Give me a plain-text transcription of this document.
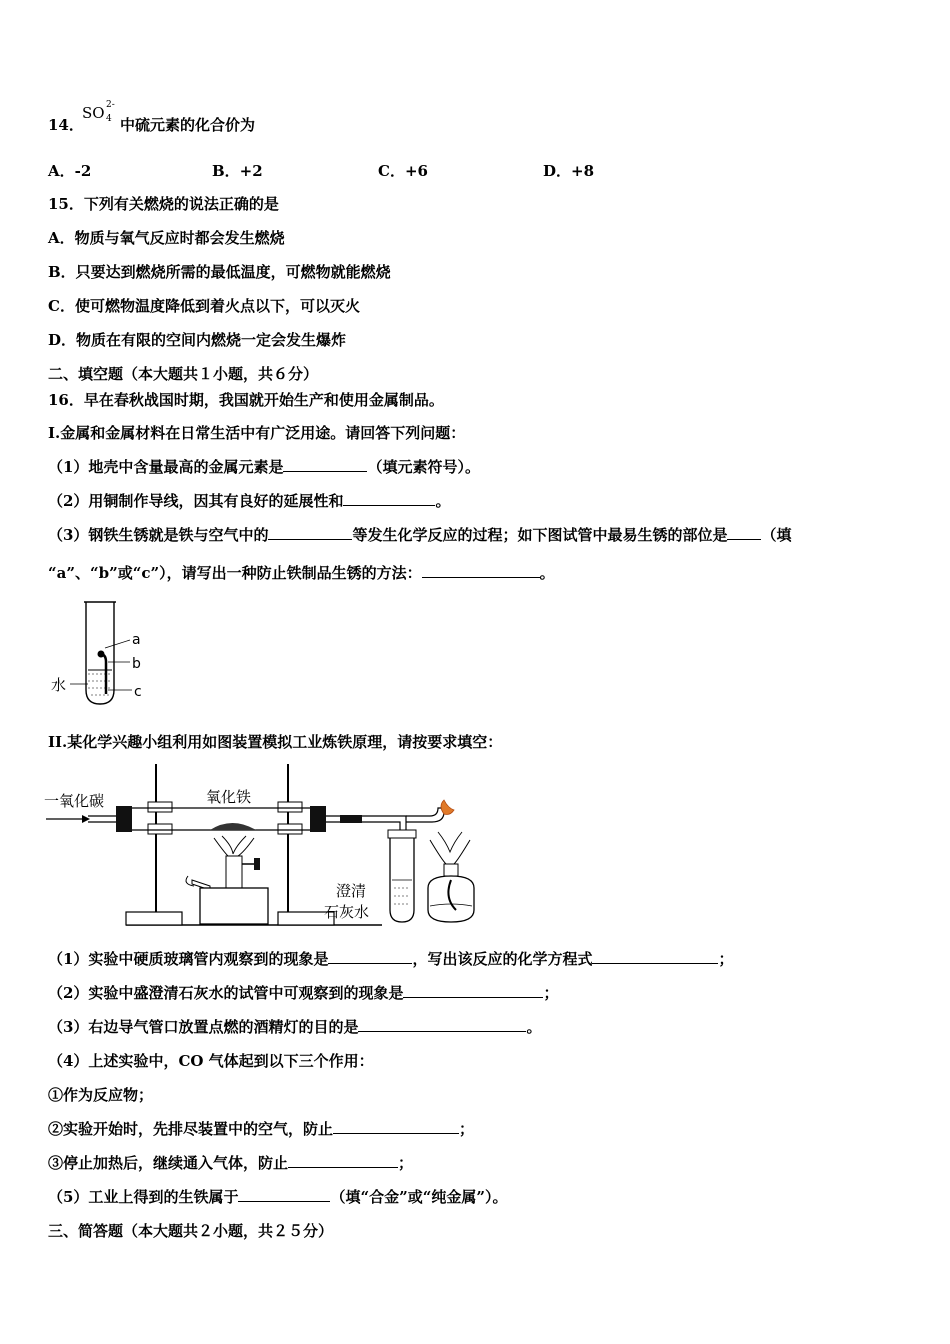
14．
SO 2-
4 中硫元素的化合价为
A．-2	B．+2	C．+6	D．+8
15．下列有关燃烧的说法正确的是
A．物质与氧气反应时都会发生燃烧
B．只要达到燃烧所需的最低温度，可燃物就能燃烧
C．使可燃物温度降低到着火点以下，可以灭火
D．物质在有限的空间内燃烧一定会发生爆炸
二、填空题（本大题共１小题，共６分）
16．早在春秋战国时期，我国就开始生产和使用金属制品。
I.金属和金属材料在日常生活中有广泛用途。请回答下列问题：
（1）地壳中含量最高的金属元素是	（填元素符号）。
（2）用铜制作导线，因其有良好的延展性和	。
（3）钢铁生锈就是铁与空气中的	等发生化学反应的过程；如下图试管中最易生锈的部位是 （填
“a”、“b”或“c”），请写出一种防止铁制品生锈的方法：	。
a
b
c
水
II.某化学兴趣小组利用如图装置模拟工业炼铁原理，请按要求填空：
一氧化碳	氧化铁
澄清
石灰水
（1）实验中硬质玻璃管内观察到的现象是	，写出该反应的化学方程式	；
（2）实验中盛澄清石灰水的试管中可观察到的现象是	；
（3）右边导气管口放置点燃的酒精灯的目的是	。
（4）上述实验中，CO 气体起到以下三个作用：
①作为反应物；
②实验开始时，先排尽装置中的空气，防止	；
③停止加热后，继续通入气体，防止	；
（5）工业上得到的生铁属于	（填“合金”或“纯金属”）。
三、简答题（本大题共２小题，共２５分）
